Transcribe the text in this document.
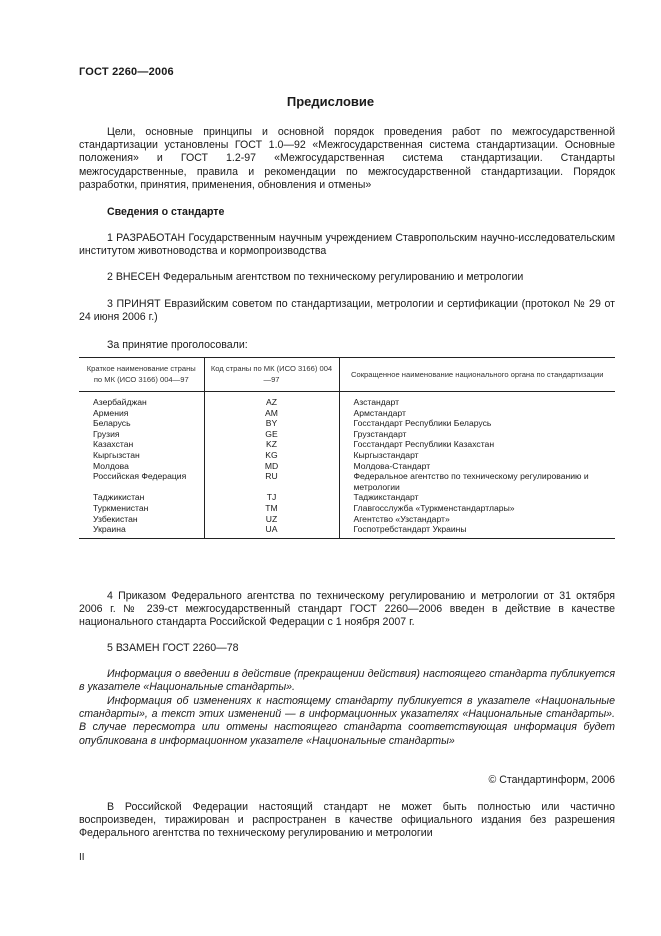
ГОСТ 2260—2006
Предисловие
Цели, основные принципы и основной порядок проведения работ по межгосударственной стандартизации установлены ГОСТ 1.0—92 «Межгосударственная система стандартизации. Основные положения» и ГОСТ 1.2-97 «Межгосударственная система стандартизации. Стандарты межгосударственные, правила и рекомендации по межгосударственной стандартизации. Порядок разработки, принятия, применения, обновления и отмены»
Сведения о стандарте
1 РАЗРАБОТАН Государственным научным учреждением Ставропольским научно-исследовательским институтом животноводства и кормопроизводства
2 ВНЕСЕН Федеральным агентством по техническому регулированию и метрологии
3 ПРИНЯТ Евразийским советом по стандартизации, метрологии и сертификации (протокол № 29 от 24 июня 2006 г.)
За принятие проголосовали:
Краткое наименование страны по МК (ИСО 3166) 004—97	Код страны по МК (ИСО 3166) 004—97	Сокращенное наименование национального органа по стандартизации
Азербайджан	AZ	Азстандарт
Армения	AM	Армстандарт
Беларусь	BY	Госстандарт Республики Беларусь
Грузия	GE	Грузстандарт
Казахстан	KZ	Госстандарт Республики Казахстан
Кыргызстан	KG	Кыргызстандарт
Молдова	MD	Молдова-Стандарт
Российская Федерация	RU	Федеральное агентство по техническому регулированию и метрологии
Таджикистан	TJ	Таджикстандарт
Туркменистан	TM	Главгосслужба «Туркменстандартлары»
Узбекистан	UZ	Агентство «Узстандарт»
Украина	UA	Госпотребстандарт Украины
4 Приказом Федерального агентства по техническому регулированию и метрологии от 31 октября 2006 г. № 239-ст межгосударственный стандарт ГОСТ 2260—2006 введен в действие в качестве национального стандарта Российской Федерации с 1 ноября 2007 г.
5 ВЗАМЕН ГОСТ 2260—78
Информация о введении в действие (прекращении действия) настоящего стандарта публикуется в указателе «Национальные стандарты».
Информация об изменениях к настоящему стандарту публикуется в указателе «Национальные стандарты», а текст этих изменений — в информационных указателях «Национальные стандарты». В случае пересмотра или отмены настоящего стандарта соответствующая информация будет опубликована в информационном указателе «Национальные стандарты»
© Стандартинформ, 2006
В Российской Федерации настоящий стандарт не может быть полностью или частично воспроизведен, тиражирован и распространен в качестве официального издания без разрешения Федерального агентства по техническому регулированию и метрологии
II
